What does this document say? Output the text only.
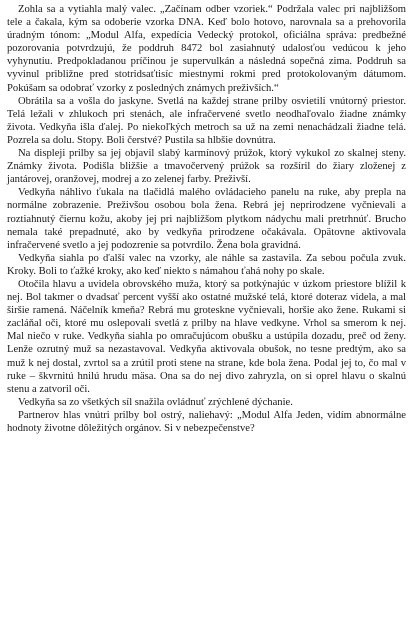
Zohla sa a vytiahla malý valec. „Začínam odber vzoriek.“ Podržala valec pri najbližšom tele a čakala, kým sa odoberie vzorka DNA. Keď bolo hotovo, narovnala sa a prehovorila úradným tónom: „Modul Alfa, expedícia Vedecký protokol, oficiálna správa: predbežné pozorovania potvrdzujú, že poddruh 8472 bol zasiahnutý udalosťou vedúcou k jeho vyhynutiu. Predpokladanou príčinou je supervulkán a následná sopečná zima. Poddruh sa vyvinul približne pred stotridsaťtisíc miestnymi rokmi pred protokolovaným dátumom. Pokúšam sa odobrať vzorky z posledných známych preživších.“

Obrátila sa a vošla do jaskyne. Svetlá na každej strane prilby osvietili vnútorný priestor. Telá ležali v zhlukoch pri stenách, ale infračervené svetlo neodhaľovalo žiadne známky života. Vedkyňa išla ďalej. Po niekoľkých metroch sa už na zemi nenachádzali žiadne telá. Pozrela sa dolu. Stopy. Boli čerstvé? Pustila sa hlbšie dovnútra.

Na displeji prilby sa jej objavil slabý karmínový prúžok, ktorý vykukol zo skalnej steny. Známky života. Podišla bližšie a tmavočervený prúžok sa rozšíril do žiary zloženej z jantárovej, oranžovej, modrej a zo zelenej farby. Preživší.

Vedkyňa náhlivo ťukala na tlačidlá malého ovládacieho panelu na ruke, aby prepla na normálne zobrazenie. Preživšou osobou bola žena. Rebrá jej neprirodzene vyčnievali a roztiahnutý čiernu kožu, akoby jej pri najbližšom plytkom nádychu mali pretrhnúť. Brucho nemala také prepadnuté, ako by vedkyňa prirodzene očakávala. Opätovne aktivovala infračervené svetlo a jej podozrenie sa potvrdilo. Žena bola gravidná.

Vedkyňa siahla po ďalší valec na vzorky, ale náhle sa zastavila. Za sebou počula zvuk. Kroky. Boli to ťažké kroky, ako keď niekto s námahou ťahá nohy po skale.

Otočila hlavu a uvidela obrovského muža, ktorý sa potkýnajúc v úzkom priestore blížil k nej. Bol takmer o dvadsať percent vyšší ako ostatné mužské telá, ktoré doteraz videla, a mal širšie ramená. Náčelník kmeňa? Rebrá mu groteskne vyčnievali, horšie ako žene. Rukami si zacláňal oči, ktoré mu oslepovali svetlá z prilby na hlave vedkyne. Vrhol sa smerom k nej. Mal niečo v ruke. Vedkyňa siahla po omračujúcom obušku a ustúpila dozadu, preč od ženy. Lenže ozrutný muž sa nezastavoval. Vedkyňa aktivovala obušok, no tesne predtým, ako sa muž k nej dostal, zvrtol sa a zrútil proti stene na strane, kde bola žena. Podal jej to, čo mal v ruke – škvrnitú hnilú hrudu mäsa. Ona sa do nej divo zahryzla, on si oprel hlavu o skalnú stenu a zatvoril oči.

Vedkyňa sa zo všetkých síl snažila ovládnuť zrýchlené dýchanie.

Partnerov hlas vnútri prilby bol ostrý, naliehavý: „Modul Alfa Jeden, vidím abnormálne hodnoty životne dôležitých orgánov. Si v nebezpečenstve?
